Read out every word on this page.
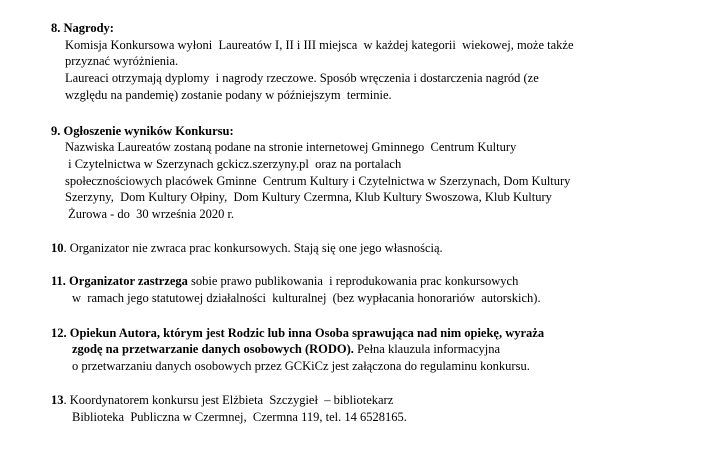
8. Nagrody:
Komisja Konkursowa wyłoni  Laureatów I, II i III miejsca  w każdej kategorii  wiekowej, może także
przyznać wyróżnienia.
Laureaci otrzymają dyplomy  i nagrody rzeczowe. Sposób wręczenia i dostarczenia nagród (ze
względu na pandemię) zostanie podany w późniejszym  terminie.
9. Ogłoszenie wyników Konkursu:
Nazwiska Laureatów zostaną podane na stronie internetowej Gminnego  Centrum Kultury
i Czytelnictwa w Szerzynach gckicz.szerzyny.pl  oraz na portalach
społecznościowych placówek Gminne  Centrum Kultury i Czytelnictwa w Szerzynach, Dom Kultury
Szerzyny,  Dom Kultury Ołpiny,  Dom Kultury Czermna, Klub Kultury Swoszowa, Klub Kultury
Żurowa - do  30 września 2020 r.
10. Organizator nie zwraca prac konkursowych. Stają się one jego własnością.
11. Organizator zastrzega sobie prawo publikowania  i reprodukowania prac konkursowych
w  ramach jego statutowej działalności  kulturalnej  (bez wypłacania honorariów  autorskich).
12. Opiekun Autora, którym jest Rodzic lub inna Osoba sprawująca nad nim opiekę, wyraża
zgodę na przetwarzanie danych osobowych (RODO). Pełna klauzula informacyjna
o przetwarzaniu danych osobowych przez GCKiCz jest załączona do regulaminu konkursu.
13. Koordynatorem konkursu jest Elżbieta  Szczygieł  – bibliotekarz
Biblioteka  Publiczna w Czermnej,  Czermna 119, tel. 14 6528165.
